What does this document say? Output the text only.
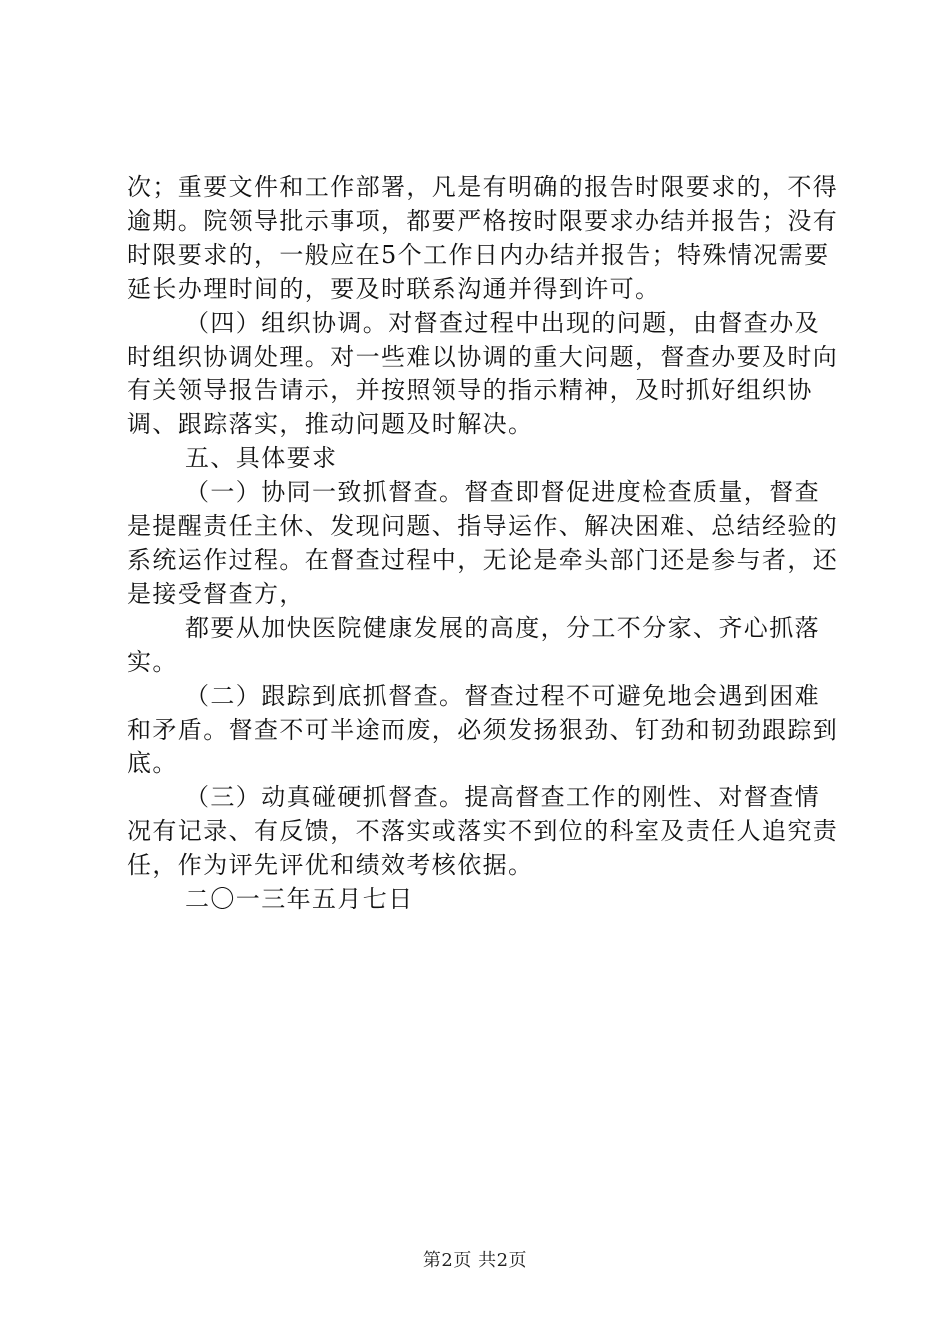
次；重要文件和工作部署，凡是有明确的报告时限要求的，不得逾期。院领导批示事项，都要严格按时限要求办结并报告；没有时限要求的，一般应在5个工作日内办结并报告；特殊情况需要延长办理时间的，要及时联系沟通并得到许可。

（四）组织协调。对督查过程中出现的问题，由督查办及时组织协调处理。对一些难以协调的重大问题，督查办要及时向有关领导报告请示，并按照领导的指示精神，及时抓好组织协调、跟踪落实，推动问题及时解决。

五、具体要求

（一）协同一致抓督查。督查即督促进度检查质量，督查是提醒责任主休、发现问题、指导运作、解决困难、总结经验的系统运作过程。在督查过程中，无论是牵头部门还是参与者，还是接受督查方，

都要从加快医院健康发展的高度，分工不分家、齐心抓落实。

（二）跟踪到底抓督查。督查过程不可避免地会遇到困难和矛盾。督查不可半途而废，必须发扬狠劲、钉劲和韧劲跟踪到底。

（三）动真碰硬抓督查。提高督查工作的刚性、对督查情况有记录、有反馈，不落实或落实不到位的科室及责任人追究责任，作为评先评优和绩效考核依据。

二〇一三年五月七日

第2页 共2页
